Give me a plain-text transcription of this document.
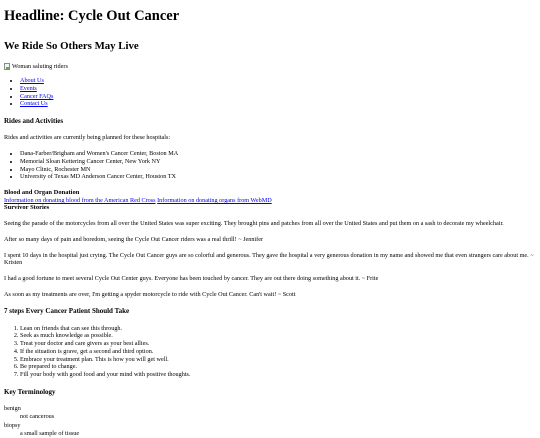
Headline: Cycle Out Cancer
We Ride So Others May Live
Woman saluting riders
• About Us
• Events
• Cancer FAQs
• Contact Us
Rides and Activities

Rides and activities are currently being planned for these hospitals:

• Dana-Farber/Brigham and Women's Cancer Center, Boston MA
• Memorial Sloan Kettering Cancer Center, New York NY
• Mayo Clinic, Rochester MN
• University of Texas MD Anderson Cancer Center, Houston TX
Blood and Organ Donation
Information on donating blood from the American Red Cross Information on donating organs from WebMD
Survivor Stories

Seeing the parade of the motorcycles from all over the United States was super exciting. They brought pins and patches from all over the United States and put them on a sash to decorate my wheelchair.

After so many days of pain and boredom, seeing the Cycle Out Cancer riders was a real thrill! ~ Jennifer

I spent 10 days in the hospital just crying. The Cycle Out Cancer guys are so colorful and generous. They gave the hospital a very generous donation in my name and showed me that even strangers care about me. ~ Kristen

I had a good fortune to meet several Cycle Out Center guys. Everyone has been touched by cancer. They are out there doing something about it. ~ Frite

As soon as my treatments are over, I'm getting a spyder motorcycle to ride with Cycle Out Cancer. Can't wait! ~ Scott

7 steps Every Cancer Patient Should Take
1. Lean on friends that can see this through.
2. Seek as much knowledge as possible.
3. Treat your doctor and care givers as your best allies.
4. If the situation is grave, get a second and third option.
5. Embrace your treatment plan. This is how you will get well.
6. Be prepared to change.
7. Fill your body with good food and your mind with positive thoughts.
Key Terminology
benign
not cancerous
biopsy
a small sample of tissue
